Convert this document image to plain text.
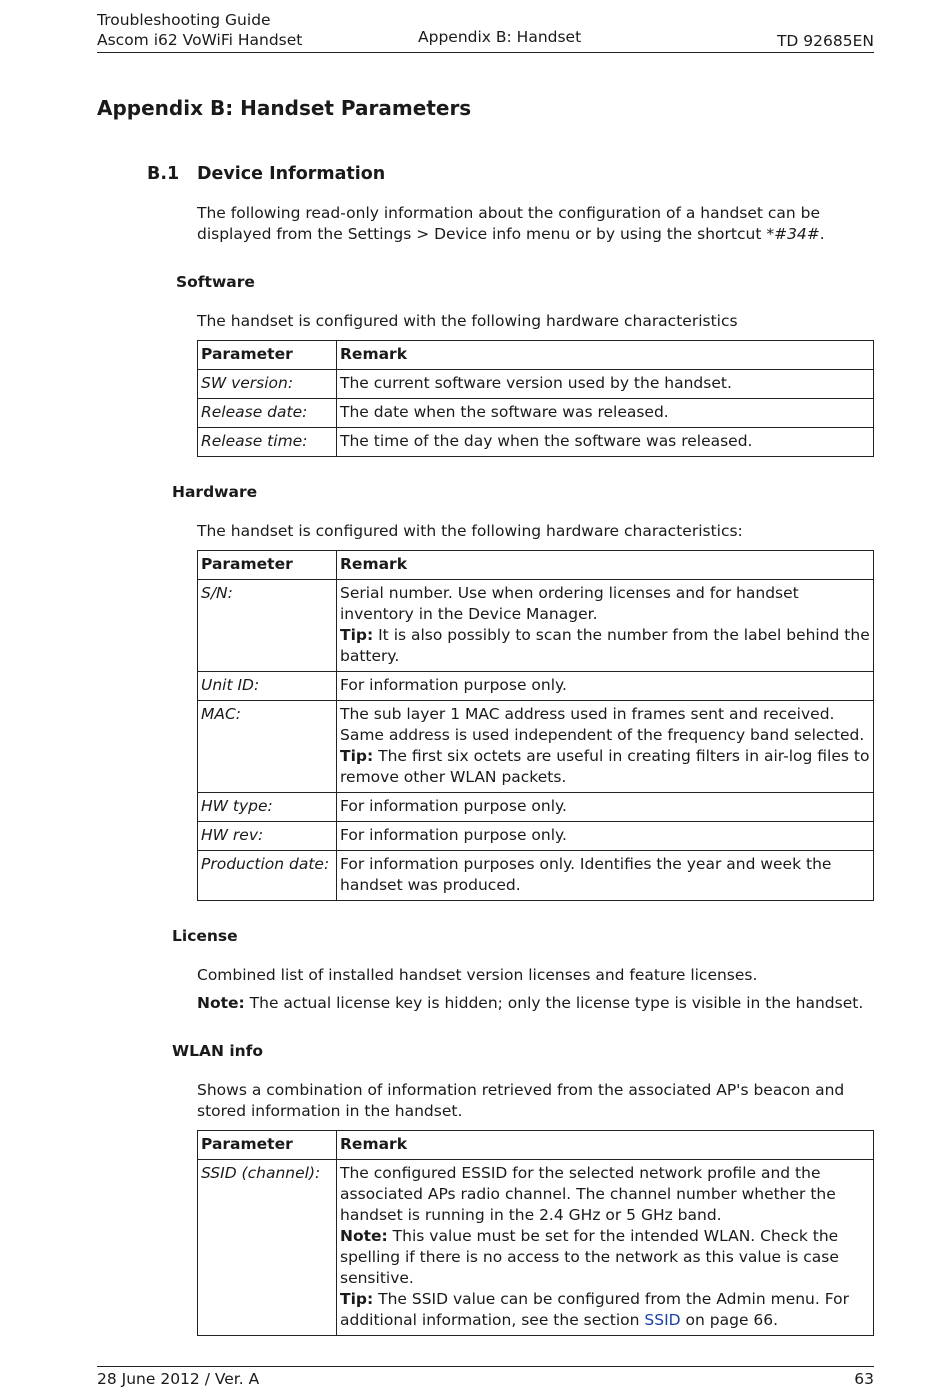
Troubleshooting Guide
Ascom i62 VoWiFi Handset	Appendix B: Handset	TD 92685EN
Appendix B: Handset Parameters
B.1 Device Information

The following read-only information about the configuration of a handset can be displayed from the Settings > Device info menu or by using the shortcut *#34#.

Software

The handset is configured with the following hardware characteristics

Parameter	Remark
SW version:	The current software version used by the handset.
Release date:	The date when the software was released.
Release time:	The time of the day when the software was released.
Hardware

The handset is configured with the following hardware characteristics:

Parameter	Remark
S/N:	Serial number. Use when ordering licenses and for handset inventory in the Device Manager.
Tip: It is also possibly to scan the number from the label behind the battery.

Unit ID:	For information purpose only.
MAC:	The sub layer 1 MAC address used in frames sent and received. Same address is used independent of the frequency band selected.
Tip: The first six octets are useful in creating filters in air-log files to remove other WLAN packets.

HW type:	For information purpose only.
HW rev:	For information purpose only.
Production date:	For information purposes only. Identifies the year and week the handset was produced.
License

Combined list of installed handset version licenses and feature licenses.

Note: The actual license key is hidden; only the license type is visible in the handset.

WLAN info

Shows a combination of information retrieved from the associated AP's beacon and stored information in the handset.

Parameter	Remark
SSID (channel):	The configured ESSID for the selected network profile and the associated APs radio channel. The channel number whether the handset is running in the 2.4 GHz or 5 GHz band.
Note: This value must be set for the intended WLAN. Check the spelling if there is no access to the network as this value is case sensitive.
Tip: The SSID value can be configured from the Admin menu. For additional information, see the section SSID on page 66.
28 June 2012 / Ver. A	63
